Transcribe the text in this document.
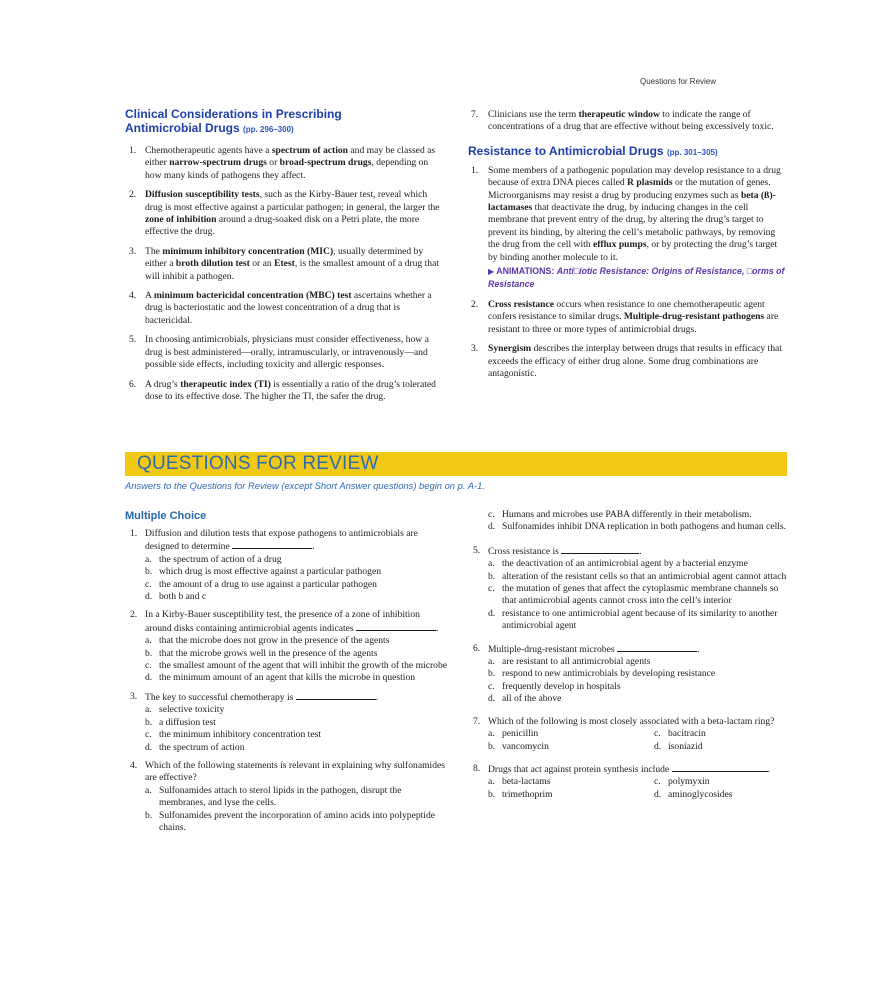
Questions for Review
Clinical Considerations in Prescribing
Antimicrobial Drugs (pp. 296–300)
1. Chemotherapeutic agents have a spectrum of action and may be classed as either narrow-spectrum drugs or broad-spectrum drugs, depending on how many kinds of pathogens they affect.
2. Diffusion susceptibility tests, such as the Kirby-Bauer test, reveal which drug is most effective against a particular pathogen; in general, the larger the zone of inhibition around a drug-soaked disk on a Petri plate, the more effective the drug.
3. The minimum inhibitory concentration (MIC), usually determined by either a broth dilution test or an Etest, is the smallest amount of a drug that will inhibit a pathogen.
4. A minimum bactericidal concentration (MBC) test ascertains whether a drug is bacteriostatic and the lowest concentration of a drug that is bactericidal.
5. In choosing antimicrobials, physicians must consider effectiveness, how a drug is best administered—orally, intramuscularly, or intravenously—and possible side effects, including toxicity and allergic responses.
6. A drug’s therapeutic index (TI) is essentially a ratio of the drug’s tolerated dose to its effective dose. The higher the TI, the safer the drug.
7. Clinicians use the term therapeutic window to indicate the range of concentrations of a drug that are effective without being excessively toxic.
Resistance to Antimicrobial Drugs (pp. 301–305)
1. Some members of a pathogenic population may develop resistance to a drug because of extra DNA pieces called R plasmids or the mutation of genes. Microorganisms may resist a drug by producing enzymes such as beta (ß)-lactamases that deactivate the drug, by inducing changes in the cell membrane that prevent entry of the drug, by altering the drug’s target to prevent its binding, by altering the cell’s metabolic pathways, by removing the drug from the cell with efflux pumps, or by protecting the drug’s target by binding another molecule to it.
▶ ANIMATIONS: Anti□iotic Resistance: Origins of Resistance, □orms of Resistance
2. Cross resistance occurs when resistance to one chemotherapeutic agent confers resistance to similar drugs. Multiple-drug-resistant pathogens are resistant to three or more types of antimicrobial drugs.
3. Synergism describes the interplay between drugs that results in efficacy that exceeds the efficacy of either drug alone. Some drug combinations are antagonistic.
QUESTIONS FOR REVIEW
Answers to the Questions for Review (except Short Answer questions) begin on p. A-1.
Multiple Choice
1. Diffusion and dilution tests that expose pathogens to antimicrobials are designed to determine	.
a. the spectrum of action of a drug
b. which drug is most effective against a particular pathogen
c. the amount of a drug to use against a particular pathogen
d. both b and c
2. In a Kirby-Bauer susceptibility test, the presence of a zone of inhibition around disks containing antimicrobial agents indicates	.
a. that the microbe does not grow in the presence of the agents
b. that the microbe grows well in the presence of the agents
c. the smallest amount of the agent that will inhibit the growth of the microbe
d. the minimum amount of an agent that kills the microbe in question
3. The key to successful chemotherapy is	.
a. selective toxicity
b. a diffusion test
c. the minimum inhibitory concentration test
d. the spectrum of action
4. Which of the following statements is relevant in explaining why sulfonamides are effective?
a. Sulfonamides attach to sterol lipids in the pathogen, disrupt the membranes, and lyse the cells.
b. Sulfonamides prevent the incorporation of amino acids into polypeptide chains.
c. Humans and microbes use PABA differently in their metabolism.
d. Sulfonamides inhibit DNA replication in both pathogens and human cells.
5. Cross resistance is	.
a. the deactivation of an antimicrobial agent by a bacterial enzyme
b. alteration of the resistant cells so that an antimicrobial agent cannot attach
c. the mutation of genes that affect the cytoplasmic membrane channels so that antimicrobial agents cannot cross into the cell’s interior
d. resistance to one antimicrobial agent because of its similarity to another antimicrobial agent
6. Multiple-drug-resistant microbes	.
a. are resistant to all antimicrobial agents
b. respond to new antimicrobials by developing resistance
c. frequently develop in hospitals
d. all of the above
7. Which of the following is most closely associated with a beta-lactam ring?
a. penicillin	c. bacitracin
b. vancomycin	d. isoniazid
8. Drugs that act against protein synthesis include	.
a. beta-lactams	c. polymyxin
b. trimethoprim	d. aminoglycosides
